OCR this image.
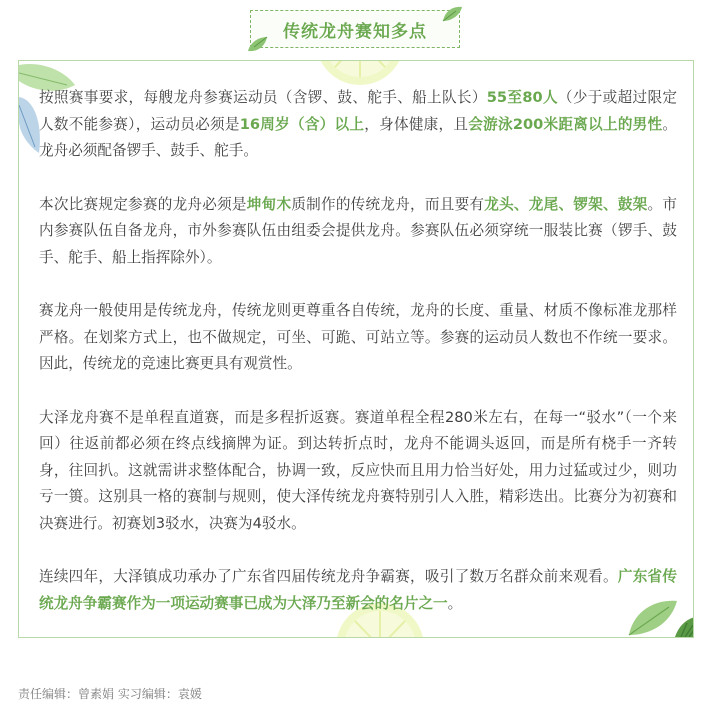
传统龙舟赛知多点

按照赛事要求，每艘龙舟参赛运动员（含锣、鼓、舵手、船上队长）55至80人（少于或超过限定人数不能参赛），运动员必须是16周岁（含）以上，身体健康，且会游泳200米距离以上的男性。龙舟必须配备锣手、鼓手、舵手。

本次比赛规定参赛的龙舟必须是坤甸木质制作的传统龙舟，而且要有龙头、龙尾、锣架、鼓架。市内参赛队伍自备龙舟，市外参赛队伍由组委会提供龙舟。参赛队伍必须穿统一服装比赛（锣手、鼓手、舵手、船上指挥除外）。

赛龙舟一般使用是传统龙舟，传统龙则更尊重各自传统，龙舟的长度、重量、材质不像标准龙那样严格。在划桨方式上，也不做规定，可坐、可跪、可站立等。参赛的运动员人数也不作统一要求。因此，传统龙的竞速比赛更具有观赏性。

大泽龙舟赛不是单程直道赛，而是多程折返赛。赛道单程全程280米左右，在每一“驳水”（一个来回）往返前都必须在终点线摘牌为证。到达转折点时，龙舟不能调头返回，而是所有桡手一齐转身，往回扒。这就需讲求整体配合，协调一致，反应快而且用力恰当好处，用力过猛或过少，则功亏一篑。这别具一格的赛制与规则，使大泽传统龙舟赛特别引人入胜，精彩迭出。比赛分为初赛和决赛进行。初赛划3驳水，决赛为4驳水。

连续四年，大泽镇成功承办了广东省四届传统龙舟争霸赛，吸引了数万名群众前来观看。广东省传统龙舟争霸赛作为一项运动赛事已成为大泽乃至新会的名片之一。

责任编辑：曾素娟 实习编辑：袁媛
